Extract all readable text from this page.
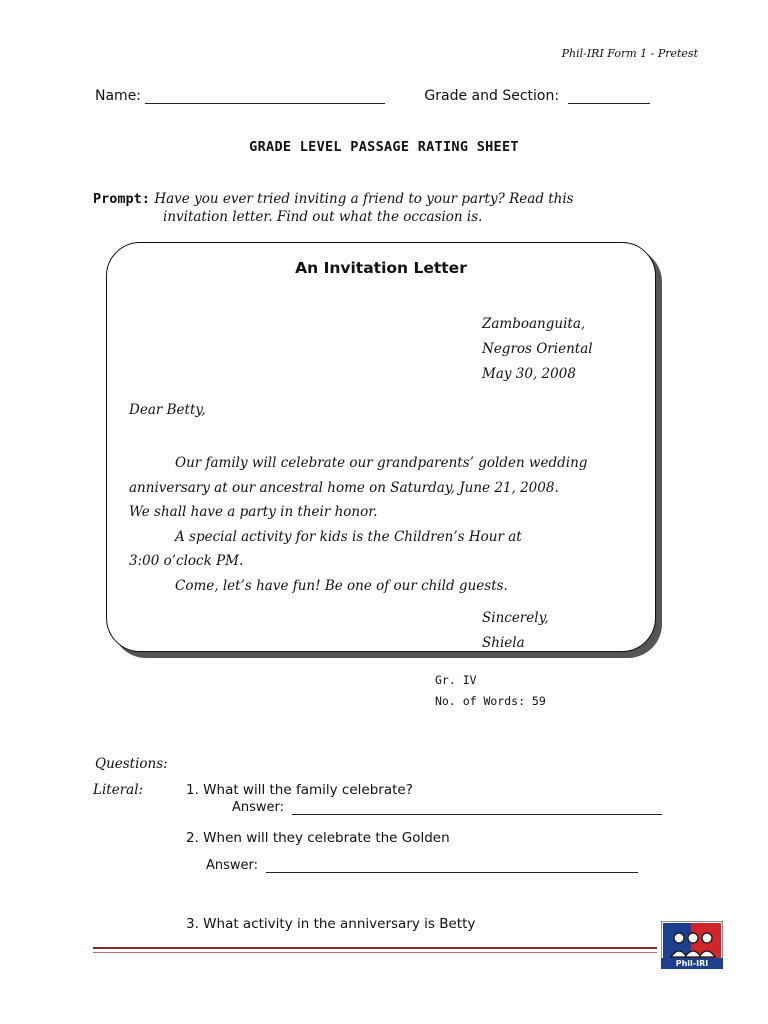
Phil-IRI Form 1 - Pretest
Name:	Grade and Section:
GRADE LEVEL PASSAGE RATING SHEET
Prompt: Have you ever tried inviting a friend to your party? Read this
invitation letter. Find out what the occasion is.
An Invitation Letter
Zamboanguita,
Negros Oriental
May 30, 2008
Dear Betty,
Our family will celebrate our grandparents’ golden wedding
anniversary at our ancestral home on Saturday, June 21, 2008.
We shall have a party in their honor.
A special activity for kids is the Children’s Hour at
3:00 o’clock PM.
Come, let’s have fun! Be one of our child guests.
Sincerely,
Shiela
Gr. IV
No. of Words: 59
Questions:
Literal:	1. What will the family celebrate?
Answer:
2. When will they celebrate the Golden
Answer:
3. What activity in the anniversary is Betty
Phil-IRI
